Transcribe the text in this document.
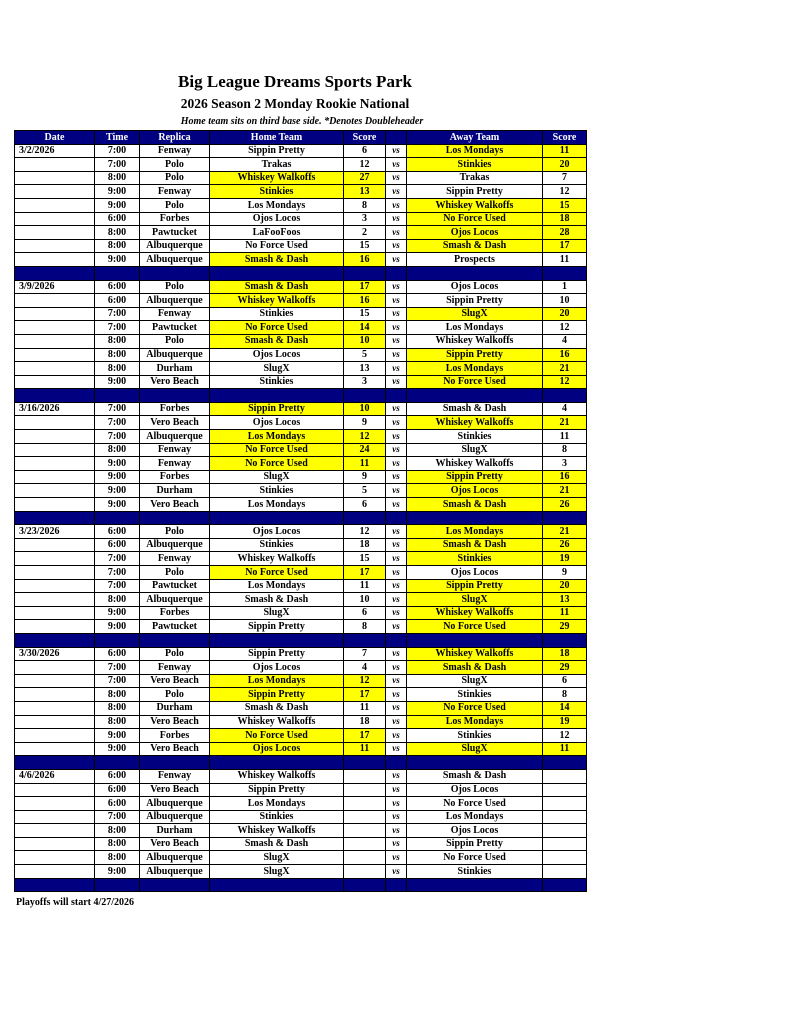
Big League Dreams Sports Park
2026 Season 2 Monday Rookie National
Home team sits on third base side. *Denotes Doubleheader
Date	Time	Replica	Home Team	Score		Away Team	Score
3/2/2026	7:00	Fenway	Sippin Pretty	6	vs	Los Mondays	11
	7:00	Polo	Trakas	12	vs	Stinkies	20
	8:00	Polo	Whiskey Walkoffs	27	vs	Trakas	7
	9:00	Fenway	Stinkies	13	vs	Sippin Pretty	12
	9:00	Polo	Los Mondays	8	vs	Whiskey Walkoffs	15
	6:00	Forbes	Ojos Locos	3	vs	No Force Used	18
	8:00	Pawtucket	LaFooFoos	2	vs	Ojos Locos	28
	8:00	Albuquerque	No Force Used	15	vs	Smash & Dash	17
	9:00	Albuquerque	Smash & Dash	16	vs	Prospects	11

3/9/2026	6:00	Polo	Smash & Dash	17	vs	Ojos Locos	1
	6:00	Albuquerque	Whiskey Walkoffs	16	vs	Sippin Pretty	10
	7:00	Fenway	Stinkies	15	vs	SlugX	20
	7:00	Pawtucket	No Force Used	14	vs	Los Mondays	12
	8:00	Polo	Smash & Dash	10	vs	Whiskey Walkoffs	4
	8:00	Albuquerque	Ojos Locos	5	vs	Sippin Pretty	16
	8:00	Durham	SlugX	13	vs	Los Mondays	21
	9:00	Vero Beach	Stinkies	3	vs	No Force Used	12

3/16/2026	7:00	Forbes	Sippin Pretty	10	vs	Smash & Dash	4
	7:00	Vero Beach	Ojos Locos	9	vs	Whiskey Walkoffs	21
	7:00	Albuquerque	Los Mondays	12	vs	Stinkies	11
	8:00	Fenway	No Force Used	24	vs	SlugX	8
	9:00	Fenway	No Force Used	11	vs	Whiskey Walkoffs	3
	9:00	Forbes	SlugX	9	vs	Sippin Pretty	16
	9:00	Durham	Stinkies	5	vs	Ojos Locos	21
	9:00	Vero Beach	Los Mondays	6	vs	Smash & Dash	26

3/23/2026	6:00	Polo	Ojos Locos	12	vs	Los Mondays	21
	6:00	Albuquerque	Stinkies	18	vs	Smash & Dash	26
	7:00	Fenway	Whiskey Walkoffs	15	vs	Stinkies	19
	7:00	Polo	No Force Used	17	vs	Ojos Locos	9
	7:00	Pawtucket	Los Mondays	11	vs	Sippin Pretty	20
	8:00	Albuquerque	Smash & Dash	10	vs	SlugX	13
	9:00	Forbes	SlugX	6	vs	Whiskey Walkoffs	11
	9:00	Pawtucket	Sippin Pretty	8	vs	No Force Used	29

3/30/2026	6:00	Polo	Sippin Pretty	7	vs	Whiskey Walkoffs	18
	7:00	Fenway	Ojos Locos	4	vs	Smash & Dash	29
	7:00	Vero Beach	Los Mondays	12	vs	SlugX	6
	8:00	Polo	Sippin Pretty	17	vs	Stinkies	8
	8:00	Durham	Smash & Dash	11	vs	No Force Used	14
	8:00	Vero Beach	Whiskey Walkoffs	18	vs	Los Mondays	19
	9:00	Forbes	No Force Used	17	vs	Stinkies	12
	9:00	Vero Beach	Ojos Locos	11	vs	SlugX	11

4/6/2026	6:00	Fenway	Whiskey Walkoffs		vs	Smash & Dash	
	6:00	Vero Beach	Sippin Pretty		vs	Ojos Locos	
	6:00	Albuquerque	Los Mondays		vs	No Force Used	
	7:00	Albuquerque	Stinkies		vs	Los Mondays	
	8:00	Durham	Whiskey Walkoffs		vs	Ojos Locos	
	8:00	Vero Beach	Smash & Dash		vs	Sippin Pretty	
	8:00	Albuquerque	SlugX		vs	No Force Used	
	9:00	Albuquerque	SlugX		vs	Stinkies	

Playoffs will start 4/27/2026
